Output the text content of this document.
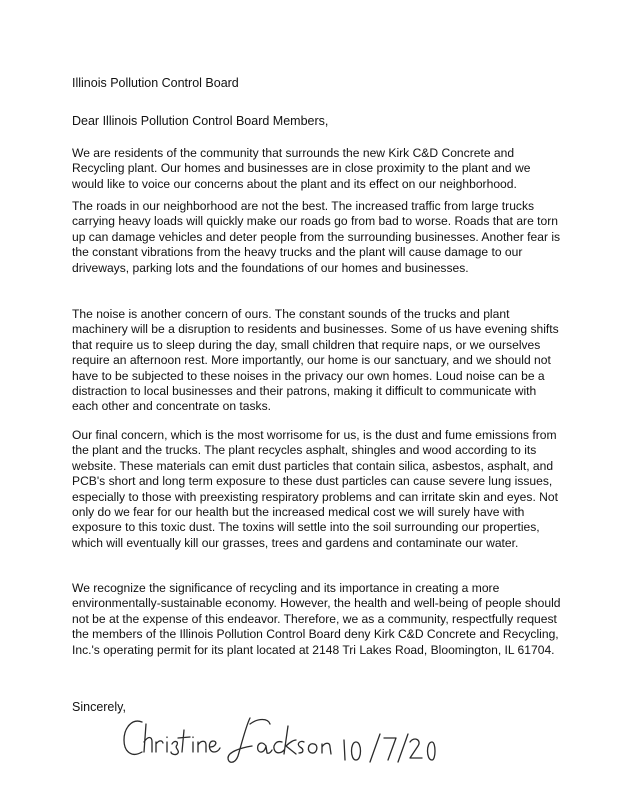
Illinois Pollution Control Board
Dear Illinois Pollution Control Board Members,

We are residents of the community that surrounds the new Kirk C&D Concrete and Recycling plant. Our homes and businesses are in close proximity to the plant and we would like to voice our concerns about the plant and its effect on our neighborhood.

The roads in our neighborhood are not the best. The increased traffic from large trucks carrying heavy loads will quickly make our roads go from bad to worse. Roads that are torn up can damage vehicles and deter people from the surrounding businesses. Another fear is the constant vibrations from the heavy trucks and the plant will cause damage to our driveways, parking lots and the foundations of our homes and businesses.

The noise is another concern of ours. The constant sounds of the trucks and plant machinery will be a disruption to residents and businesses. Some of us have evening shifts that require us to sleep during the day, small children that require naps, or we ourselves require an afternoon rest. More importantly, our home is our sanctuary, and we should not have to be subjected to these noises in the privacy our own homes. Loud noise can be a distraction to local businesses and their patrons, making it difficult to communicate with each other and concentrate on tasks.

Our final concern, which is the most worrisome for us, is the dust and fume emissions from the plant and the trucks. The plant recycles asphalt, shingles and wood according to its website. These materials can emit dust particles that contain silica, asbestos, asphalt, and PCB's short and long term exposure to these dust particles can cause severe lung issues, especially to those with preexisting respiratory problems and can irritate skin and eyes. Not only do we fear for our health but the increased medical cost we will surely have with exposure to this toxic dust. The toxins will settle into the soil surrounding our properties, which will eventually kill our grasses, trees and gardens and contaminate our water.

We recognize the significance of recycling and its importance in creating a more environmentally-sustainable economy. However, the health and well-being of people should not be at the expense of this endeavor. Therefore, we as a community, respectfully request the members of the Illinois Pollution Control Board deny Kirk C&D Concrete and Recycling, Inc.'s operating permit for its plant located at 2148 Tri Lakes Road, Bloomington, IL 61704.

Sincerely,
